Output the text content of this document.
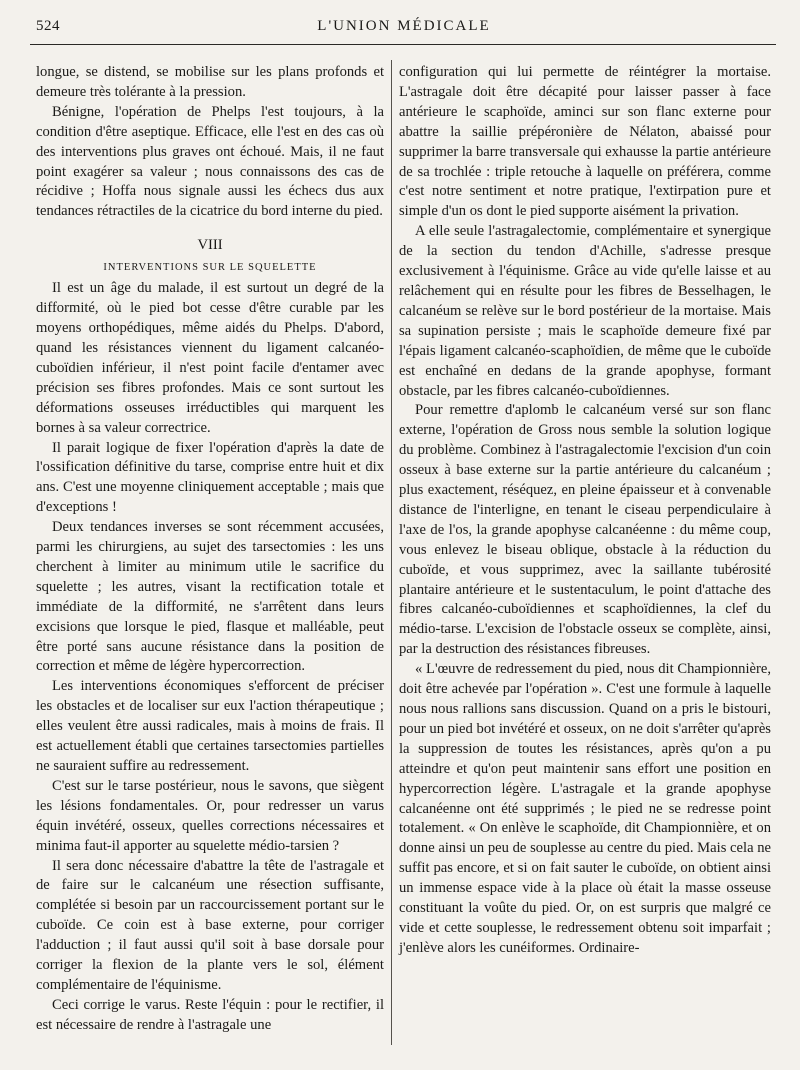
524	L'UNION MÉDICALE

longue, se distend, se mobilise sur les plans profonds et demeure très tolérante à la pression.

Bénigne, l'opération de Phelps l'est toujours, à la condition d'être aseptique. Efficace, elle l'est en des cas où des interventions plus graves ont échoué. Mais, il ne faut point exagérer sa valeur ; nous connaissons des cas de récidive ; Hoffa nous signale aussi les échecs dus aux tendances rétractiles de la cicatrice du bord interne du pied.

VIII
INTERVENTIONS SUR LE SQUELETTE

Il est un âge du malade, il est surtout un degré de la difformité, où le pied bot cesse d'être curable par les moyens orthopédiques, même aidés du Phelps. D'abord, quand les résistances viennent du ligament calcanéo-cuboïdien inférieur, il n'est point facile d'entamer avec précision ses fibres profondes. Mais ce sont surtout les déformations osseuses irréductibles qui marquent les bornes à sa valeur correctrice.

Il parait logique de fixer l'opération d'après la date de l'ossification définitive du tarse, comprise entre huit et dix ans. C'est une moyenne cliniquement acceptable ; mais que d'exceptions !

Deux tendances inverses se sont récemment accusées, parmi les chirurgiens, au sujet des tarsectomies : les uns cherchent à limiter au minimum utile le sacrifice du squelette ; les autres, visant la rectification totale et immédiate de la difformité, ne s'arrêtent dans leurs excisions que lorsque le pied, flasque et malléable, peut être porté sans aucune résistance dans la position de correction et même de légère hypercorrection.

Les interventions économiques s'efforcent de préciser les obstacles et de localiser sur eux l'action thérapeutique ; elles veulent être aussi radicales, mais à moins de frais. Il est actuellement établi que certaines tarsectomies partielles ne sauraient suffire au redressement.

C'est sur le tarse postérieur, nous le savons, que siègent les lésions fondamentales. Or, pour redresser un varus équin invétéré, osseux, quelles corrections nécessaires et minima faut-il apporter au squelette médio-tarsien ?

Il sera donc nécessaire d'abattre la tête de l'astragale et de faire sur le calcanéum une résection suffisante, complétée si besoin par un raccourcissement portant sur le cuboïde. Ce coin est à base externe, pour corriger l'adduction ; il faut aussi qu'il soit à base dorsale pour corriger la flexion de la plante vers le sol, élément complémentaire de l'équinisme.

Ceci corrige le varus. Reste l'équin : pour le rectifier, il est nécessaire de rendre à l'astragale une

configuration qui lui permette de réintégrer la mortaise. L'astragale doit être décapité pour laisser passer à face antérieure le scaphoïde, aminci sur son flanc externe pour abattre la saillie prépéronière de Nélaton, abaissé pour supprimer la barre transversale qui exhausse la partie antérieure de sa trochlée : triple retouche à laquelle on préférera, comme c'est notre sentiment et notre pratique, l'extirpation pure et simple d'un os dont le pied supporte aisément la privation.

A elle seule l'astragalectomie, complémentaire et synergique de la section du tendon d'Achille, s'adresse presque exclusivement à l'équinisme. Grâce au vide qu'elle laisse et au relâchement qui en résulte pour les fibres de Besselhagen, le calcanéum se relève sur le bord postérieur de la mortaise. Mais sa supination persiste ; mais le scaphoïde demeure fixé par l'épais ligament calcanéo-scaphoïdien, de même que le cuboïde est enchaîné en dedans de la grande apophyse, formant obstacle, par les fibres calcanéo-cuboïdiennes.

Pour remettre d'aplomb le calcanéum versé sur son flanc externe, l'opération de Gross nous semble la solution logique du problème. Combinez à l'astragalectomie l'excision d'un coin osseux à base externe sur la partie antérieure du calcanéum ; plus exactement, réséquez, en pleine épaisseur et à convenable distance de l'interligne, en tenant le ciseau perpendiculaire à l'axe de l'os, la grande apophyse calcanéenne : du même coup, vous enlevez le biseau oblique, obstacle à la réduction du cuboïde, et vous supprimez, avec la saillante tubérosité plantaire antérieure et le sustentaculum, le point d'attache des fibres calcanéo-cuboïdiennes et scaphoïdiennes, la clef du médio-tarse. L'excision de l'obstacle osseux se complète, ainsi, par la destruction des résistances fibreuses.

« L'œuvre de redressement du pied, nous dit Championnière, doit être achevée par l'opération ». C'est une formule à laquelle nous nous rallions sans discussion. Quand on a pris le bistouri, pour un pied bot invétéré et osseux, on ne doit s'arrêter qu'après la suppression de toutes les résistances, après qu'on a pu atteindre et qu'on peut maintenir sans effort une position en hypercorrection légère. L'astragale et la grande apophyse calcanéenne ont été supprimés ; le pied ne se redresse point totalement. « On enlève le scaphoïde, dit Championnière, et on donne ainsi un peu de souplesse au centre du pied. Mais cela ne suffit pas encore, et si on fait sauter le cuboïde, on obtient ainsi un immense espace vide à la place où était la masse osseuse constituant la voûte du pied. Or, on est surpris que malgré ce vide et cette souplesse, le redressement obtenu soit imparfait ; j'enlève alors les cunéiformes. Ordinaire-
